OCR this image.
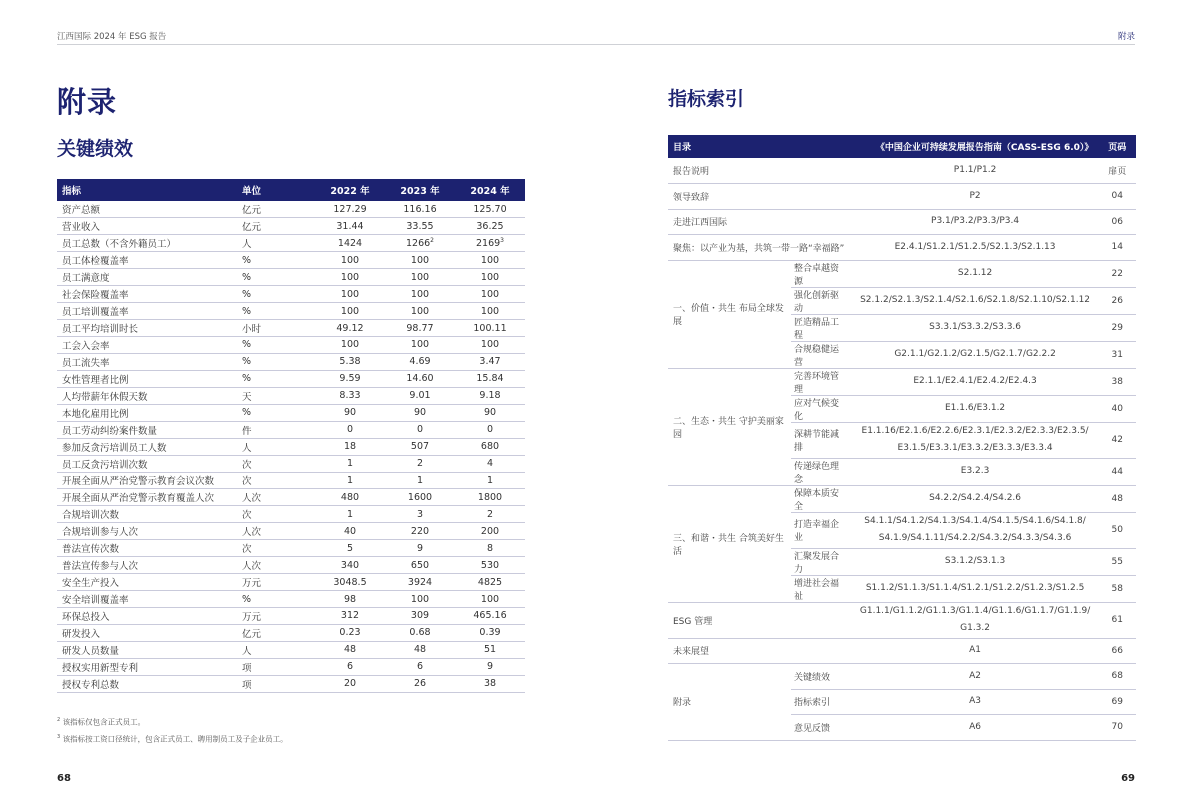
江西国际 2024 年 ESG 报告	附录
附录
关键绩效
指标	单位	2022 年	2023 年	2024 年
资产总额	亿元	127.29	116.16	125.70
营业收入	亿元	31.44	33.55	36.25
员工总数（不含外籍员工）	人	1424	1266$^2$	2169$^3$
员工体检覆盖率	%	100	100	100
员工满意度	%	100	100	100
社会保险覆盖率	%	100	100	100
员工培训覆盖率	%	100	100	100
员工平均培训时长	小时	49.12	98.77	100.11
工会入会率	%	100	100	100
员工流失率	%	5.38	4.69	3.47
女性管理者比例	%	9.59	14.60	15.84
人均带薪年休假天数	天	8.33	9.01	9.18
本地化雇用比例	%	90	90	90
员工劳动纠纷案件数量	件	0	0	0
参加反贪污培训员工人数	人	18	507	680
员工反贪污培训次数	次	1	2	4
开展全面从严治党警示教育会议次数	次	1	1	1
开展全面从严治党警示教育覆盖人次	人次	480	1600	1800
合规培训次数	次	1	3	2
合规培训参与人次	人次	40	220	200
普法宣传次数	次	5	9	8
普法宣传参与人次	人次	340	650	530
安全生产投入	万元	3048.5	3924	4825
安全培训覆盖率	%	98	100	100
环保总投入	万元	312	309	465.16
研发投入	亿元	0.23	0.68	0.39
研发人员数量	人	48	48	51
授权实用新型专利	项	6	6	9
授权专利总数	项	20	26	38
$^2$ 该指标仅包含正式员工。
$^3$ 该指标按工资口径统计，包含正式员工、聘用制员工及子企业员工。
68
指标索引
目录		《中国企业可持续发展报告指南（CASS-ESG 6.0）》	页码
报告说明		P1.1/P1.2	扉页
领导致辞		P2	04
走进江西国际		P3.1/P3.2/P3.3/P3.4	06
聚焦：以产业为基，共筑一带一路“幸福路”		E2.4.1/S1.2.1/S1.2.5/S2.1.3/S2.1.13	14
一、价值・共生 布局全球发展	整合卓越资源	S2.1.12	22
	强化创新驱动	S2.1.2/S2.1.3/S2.1.4/S2.1.6/S2.1.8/S2.1.10/S2.1.12	26
	匠造精品工程	S3.3.1/S3.3.2/S3.3.6	29
	合规稳健运营	G2.1.1/G2.1.2/G2.1.5/G2.1.7/G2.2.2	31
二、生态・共生 守护美丽家园	完善环境管理	E2.1.1/E2.4.1/E2.4.2/E2.4.3	38
	应对气候变化	E1.1.6/E3.1.2	40
	深耕节能减排	E1.1.16/E2.1.6/E2.2.6/E2.3.1/E2.3.2/E2.3.3/E2.3.5/ E3.1.5/E3.3.1/E3.3.2/E3.3.3/E3.3.4	42
	传递绿色理念	E3.2.3	44
三、和谐・共生 合筑美好生活	保障本质安全	S4.2.2/S4.2.4/S4.2.6	48
	打造幸福企业	S4.1.1/S4.1.2/S4.1.3/S4.1.4/S4.1.5/S4.1.6/S4.1.8/ S4.1.9/S4.1.11/S4.2.2/S4.3.2/S4.3.3/S4.3.6	50
	汇聚发展合力	S3.1.2/S3.1.3	55
	增进社会福祉	S1.1.2/S1.1.3/S1.1.4/S1.2.1/S1.2.2/S1.2.3/S1.2.5	58
ESG 管理		G1.1.1/G1.1.2/G1.1.3/G1.1.4/G1.1.6/G1.1.7/G1.1.9/ G1.3.2	61
未来展望		A1	66
附录	关键绩效	A2	68
	指标索引	A3	69
	意见反馈	A6	70
69
